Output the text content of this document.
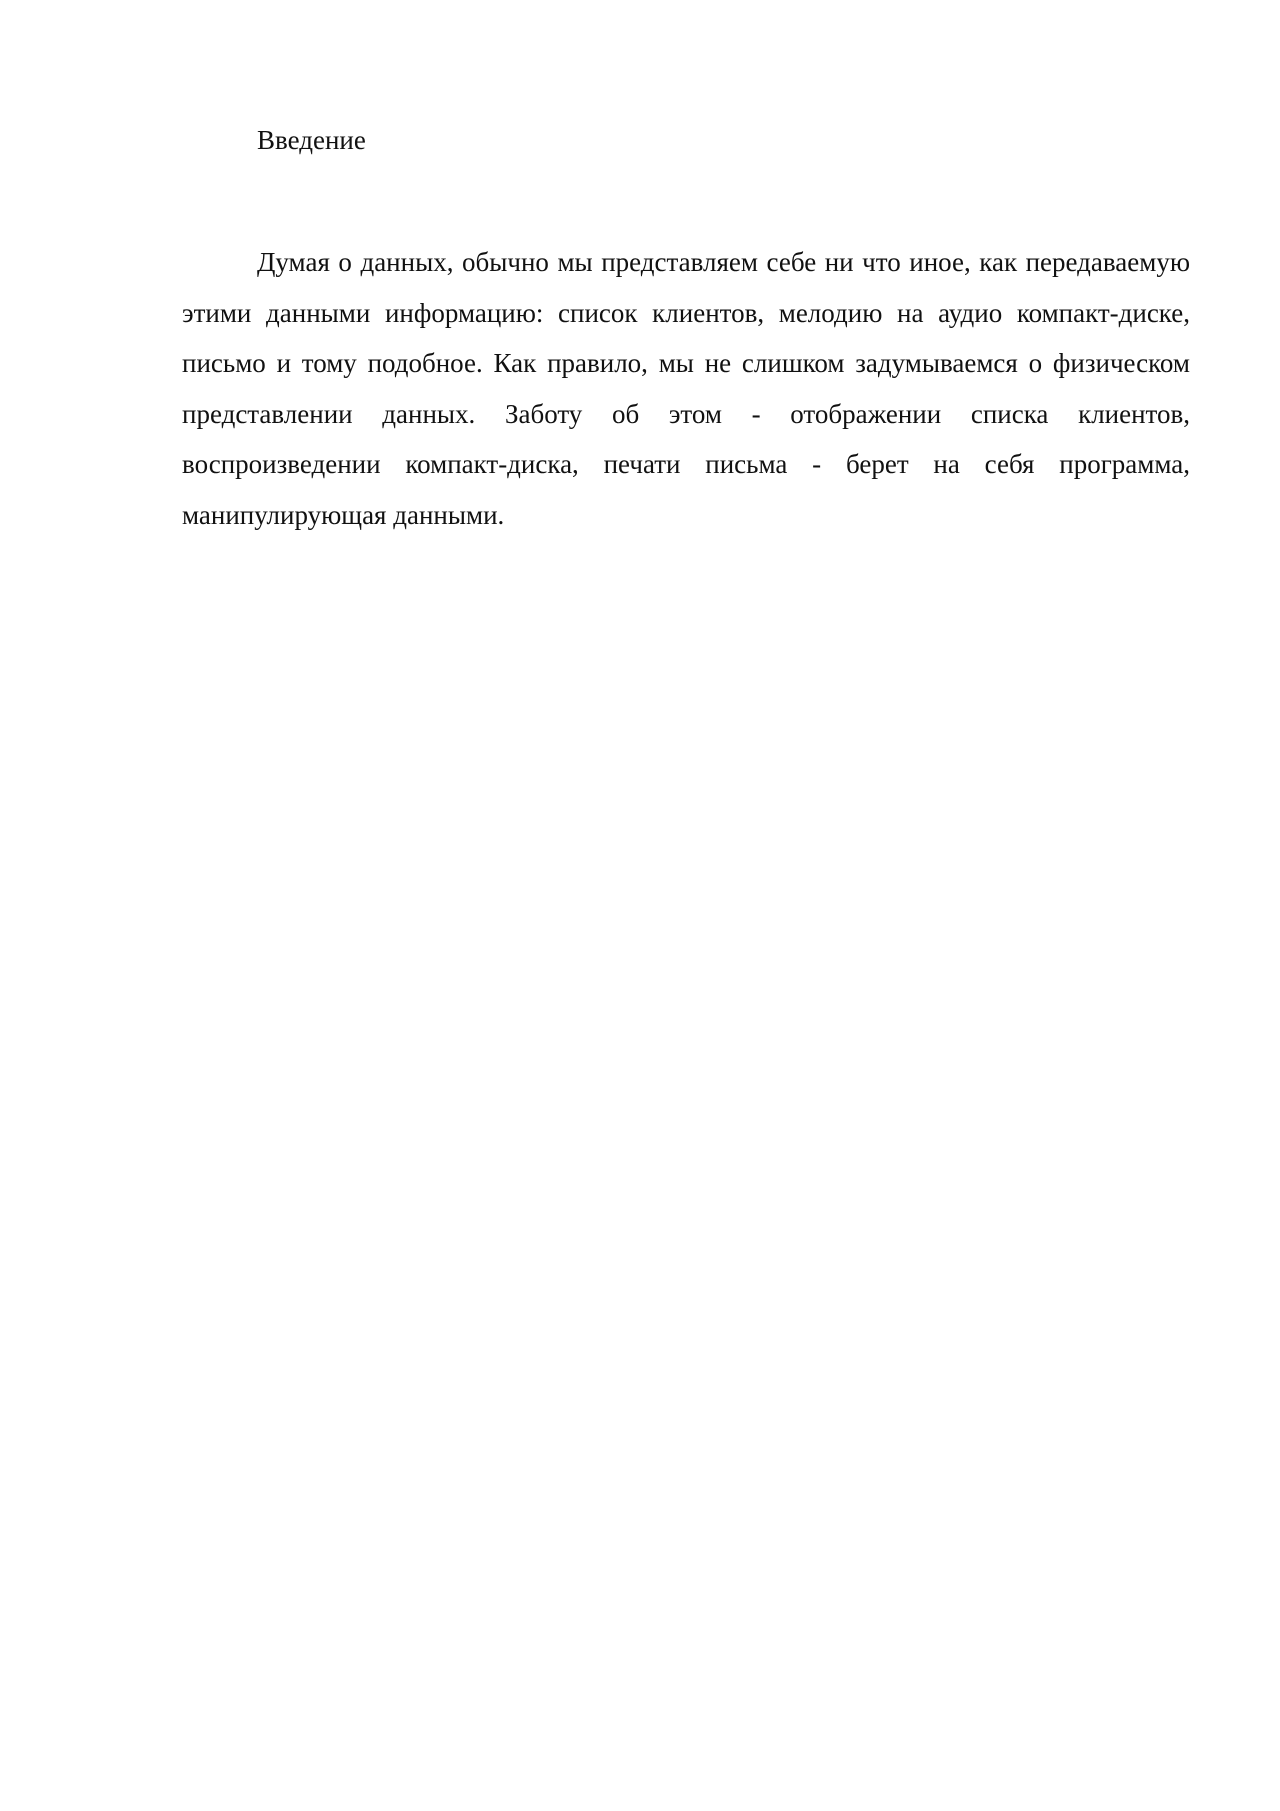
Введение

Думая о данных, обычно мы представляем себе ни что иное, как передаваемую этими данными информацию: список клиентов, мелодию на аудио компакт-диске, письмо и тому подобное. Как правило, мы не слишком задумываемся о физическом представлении данных. Заботу об этом - отображении списка клиентов, воспроизведении компакт-диска, печати письма - берет на себя программа, манипулирующая данными.
